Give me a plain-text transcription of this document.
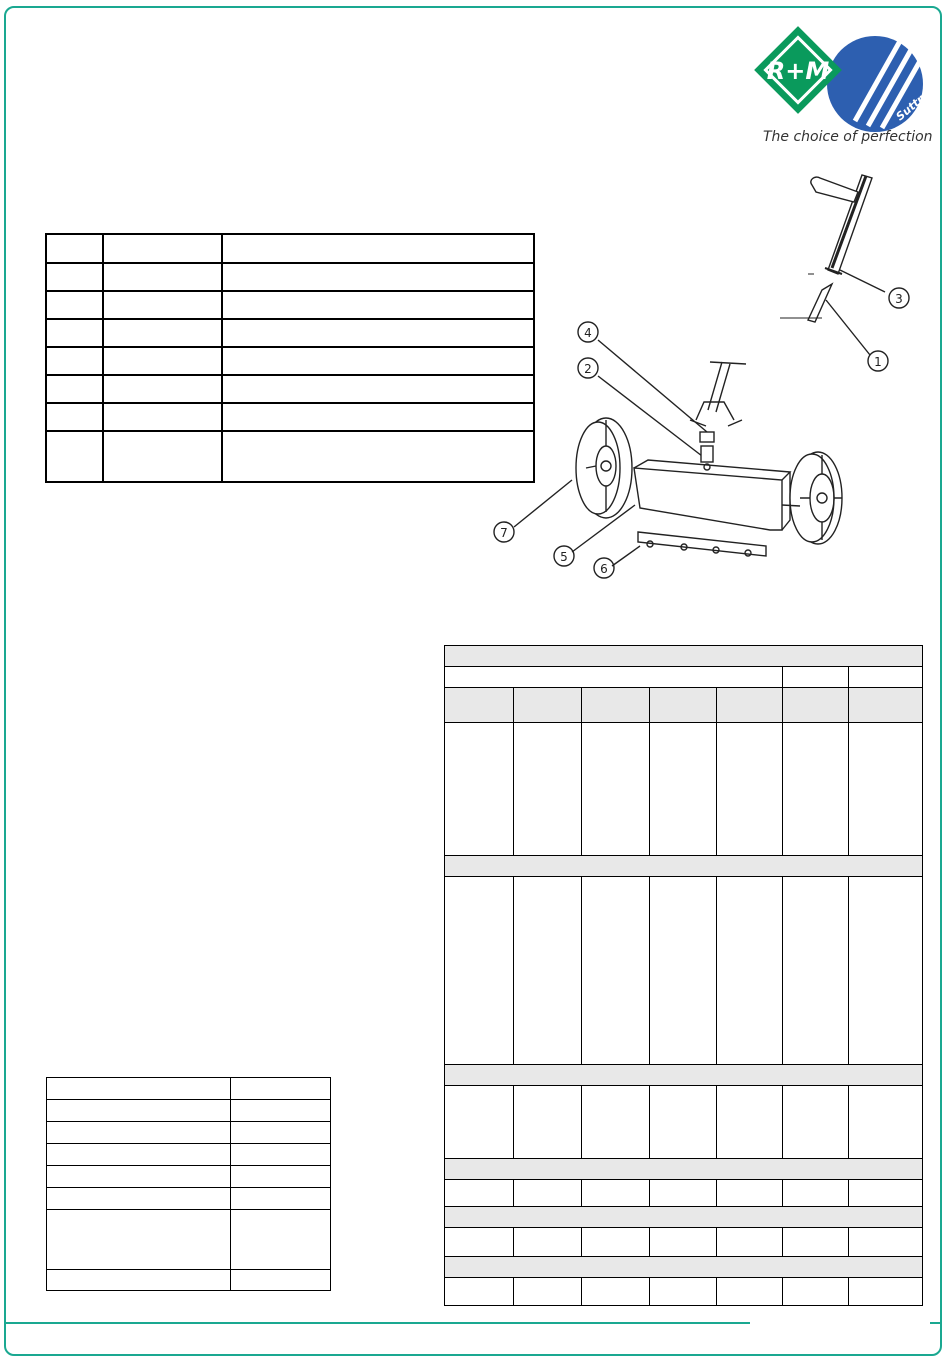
Suttner
R+M
The choice of perfection

1
2
3
4
5
6
7
